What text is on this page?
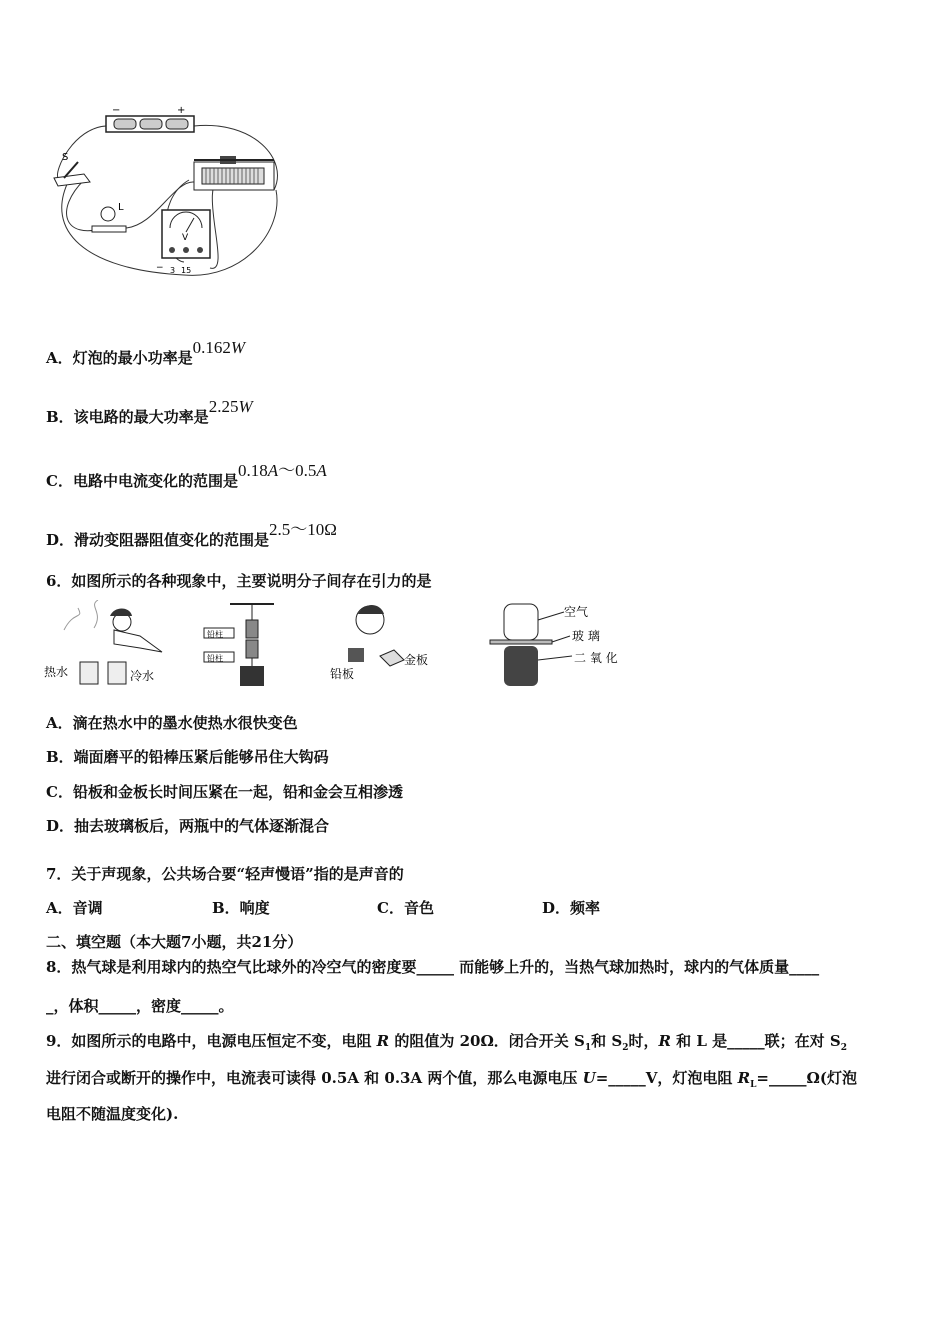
−	+
S
L
V
− 3 15
A．灯泡的最小功率是0.162W
B．该电路的最大功率是2.25W
C．电路中电流变化的范围是0.18A～0.5A
D．滑动变阻器阻值变化的范围是2.5～10Ω
6．如图所示的各种现象中，主要说明分子间存在引力的是
热水	冷水
铅柱
铅柱
铅板
金板
空气
玻 璃
二 氧 化
A．滴在热水中的墨水使热水很快变色
B．端面磨平的铅棒压紧后能够吊住大钩码
C．铅板和金板长时间压紧在一起，铅和金会互相渗透
D．抽去玻璃板后，两瓶中的气体逐渐混合
7．关于声现象，公共场合要“轻声慢语”指的是声音的
A．音调	B．响度	C．音色	D．频率
二、填空题（本大题7小题，共21分）
8．热气球是利用球内的热空气比球外的冷空气的密度要_____ 而能够上升的，当热气球加热时，球内的气体质量____
_，体积_____，密度_____。
9．如图所示的电路中，电源电压恒定不变，电阻 R 的阻值为 20Ω．闭合开关 $S_1$和 $S_2$时，R 和 L 是_____联；在对 $S_2$
进行闭合或断开的操作中，电流表可读得 0.5A 和 0.3A 两个值，那么电源电压 U=_____V，灯泡电阻 $R_L=\_\_\_\_\_\Omega$(灯泡
电阻不随温度变化).
